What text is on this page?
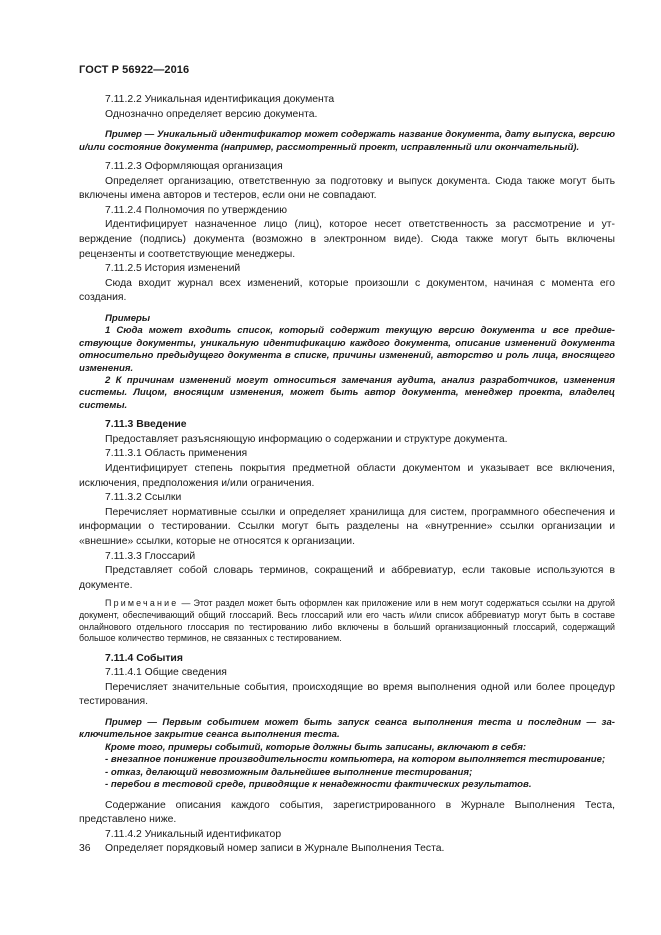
ГОСТ Р 56922—2016

7.11.2.2 Уникальная идентификация документа

Однозначно определяет версию документа.

Пример — Уникальный идентификатор может содержать название документа, дату выпуска, версию и/или состояние документа (например, рассмотренный проект, исправленный или окончательный).

7.11.2.3 Оформляющая организация

Определяет организацию, ответственную за подготовку и выпуск документа. Сюда также могут быть включены имена авторов и тестеров, если они не совпадают.

7.11.2.4 Полномочия по утверждению

Идентифицирует назначенное лицо (лиц), которое несет ответственность за рассмотрение и утверждение (подпись) документа (возможно в электронном виде). Сюда также могут быть включены рецензенты и соответствующие менеджеры.

7.11.2.5 История изменений

Сюда входит журнал всех изменений, которые произошли с документом, начиная с момента его создания.

Примеры

1 Сюда может входить список, который содержит текущую версию документа и все предшествующие документы, уникальную идентификацию каждого документа, описание изменений документа относительно предыдущего документа в списке, причины изменений, авторство и роль лица, вносящего изменения.

2 К причинам изменений могут относиться замечания аудита, анализ разработчиков, изменения системы. Лицом, вносящим изменения, может быть автор документа, менеджер проекта, владелец системы.

7.11.3 Введение

Предоставляет разъясняющую информацию о содержании и структуре документа.

7.11.3.1 Область применения

Идентифицирует степень покрытия предметной области документом и указывает все включения, исключения, предположения и/или ограничения.

7.11.3.2 Ссылки

Перечисляет нормативные ссылки и определяет хранилища для систем, программного обеспечения и информации о тестировании. Ссылки могут быть разделены на «внутренние» ссылки организации и «внешние» ссылки, которые не относятся к организации.

7.11.3.3 Глоссарий

Представляет собой словарь терминов, сокращений и аббревиатур, если таковые используются в документе.

Примечание — Этот раздел может быть оформлен как приложение или в нем могут содержаться ссылки на другой документ, обеспечивающий общий глоссарий. Весь глоссарий или его часть и/или список аббревиатур могут быть в составе онлайнового отдельного глоссария по тестированию либо включены в больший организационный глоссарий, содержащий большое количество терминов, не связанных с тестированием.

7.11.4 События

7.11.4.1 Общие сведения

Перечисляет значительные события, происходящие во время выполнения одной или более процедур тестирования.

Пример — Первым событием может быть запуск сеанса выполнения теста и последним — заключительное закрытие сеанса выполнения теста.

Кроме того, примеры событий, которые должны быть записаны, включают в себя:

- внезапное понижение производительности компьютера, на котором выполняется тестирование;

- отказ, делающий невозможным дальнейшее выполнение тестирования;

- перебои в тестовой среде, приводящие к ненадежности фактических результатов.

Содержание описания каждого события, зарегистрированного в Журнале Выполнения Теста, представлено ниже.

7.11.4.2 Уникальный идентификатор

Определяет порядковый номер записи в Журнале Выполнения Теста.

36
